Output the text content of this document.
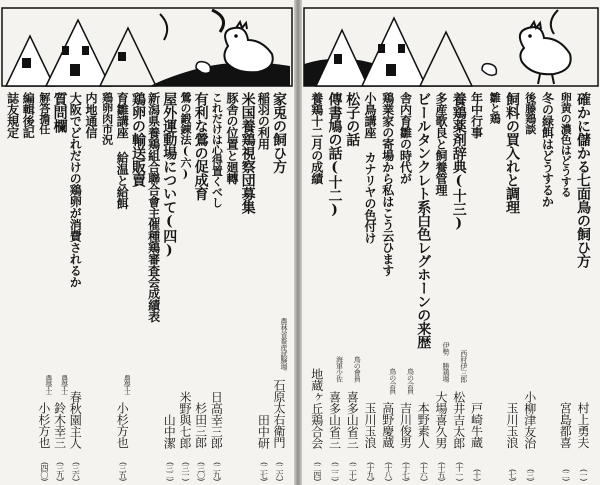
家兎の飼ひ方
農林省畜産試験場
石原太右衛門
(二六)
稲羽の利用
田中研
(二七)
米国養鶏視察団募集
豚舎の位置と廻轉
これだけは心得置くべし
日高幸三郎
(二九)
有利な鶯の促成育
杉田三郎
(三〇)
鶯の鍛錬法(六)
米野與七郎
(三一)
屋外運動場について(四)
山中潔
(三二)
新潟県養鶏組合聯合會主催種鶏審査会成績表
鶏卵の輸送販賣
育雛講座 給温と給餌
農學士
小杉方也
(三五)
鶏卵肉市況
内地通信
大阪でどれだけの鶏卵が消費されるか
春秋園主人
(三六)
質問欄
農學士
鈴木幸三
(三九)
解答擔任
農學士
小杉方也
(四〇)
編輯後記
誌友規定	確かに儲かる七面鳥の飼ひ方
村上勇夫
(一)
卵黄の濃色はどうする
宮島都喜
(二)
冬の緑餌はどうするか
後藤鶏談
小柳津友治
(三)
飼料の買入れと調理
玉川玉浪
(七)
雛と鶏
年中行事
戸崎牛蔵
(十)
養鶏薬剤辞典(十三)
西村伊三郎
松井吉太郎
(十一)
多産歌良と飼養管理
伊勢 勝鶏場
大場喜久男
(十五)
ビールタンクレト系白色レグホーンの来歴
本野素人
(十六)
舎内育雛の時代が
鳥の会員
吉川俊男
(十七)
鶏業家の寄場から私はこう云ひます
鳥の会員
高野慶蔵
(十八)
小鳥講座 カナリヤの色付け
玉川玉浪
(十九)
松子の話
鳥の會員
喜多山省三
(二十)
傳書鳩の話(十二)
海軍少佐
喜多山省三
(二二)
養鶏十二月の成績
地蔵ヶ丘鶏合会
(二四)
